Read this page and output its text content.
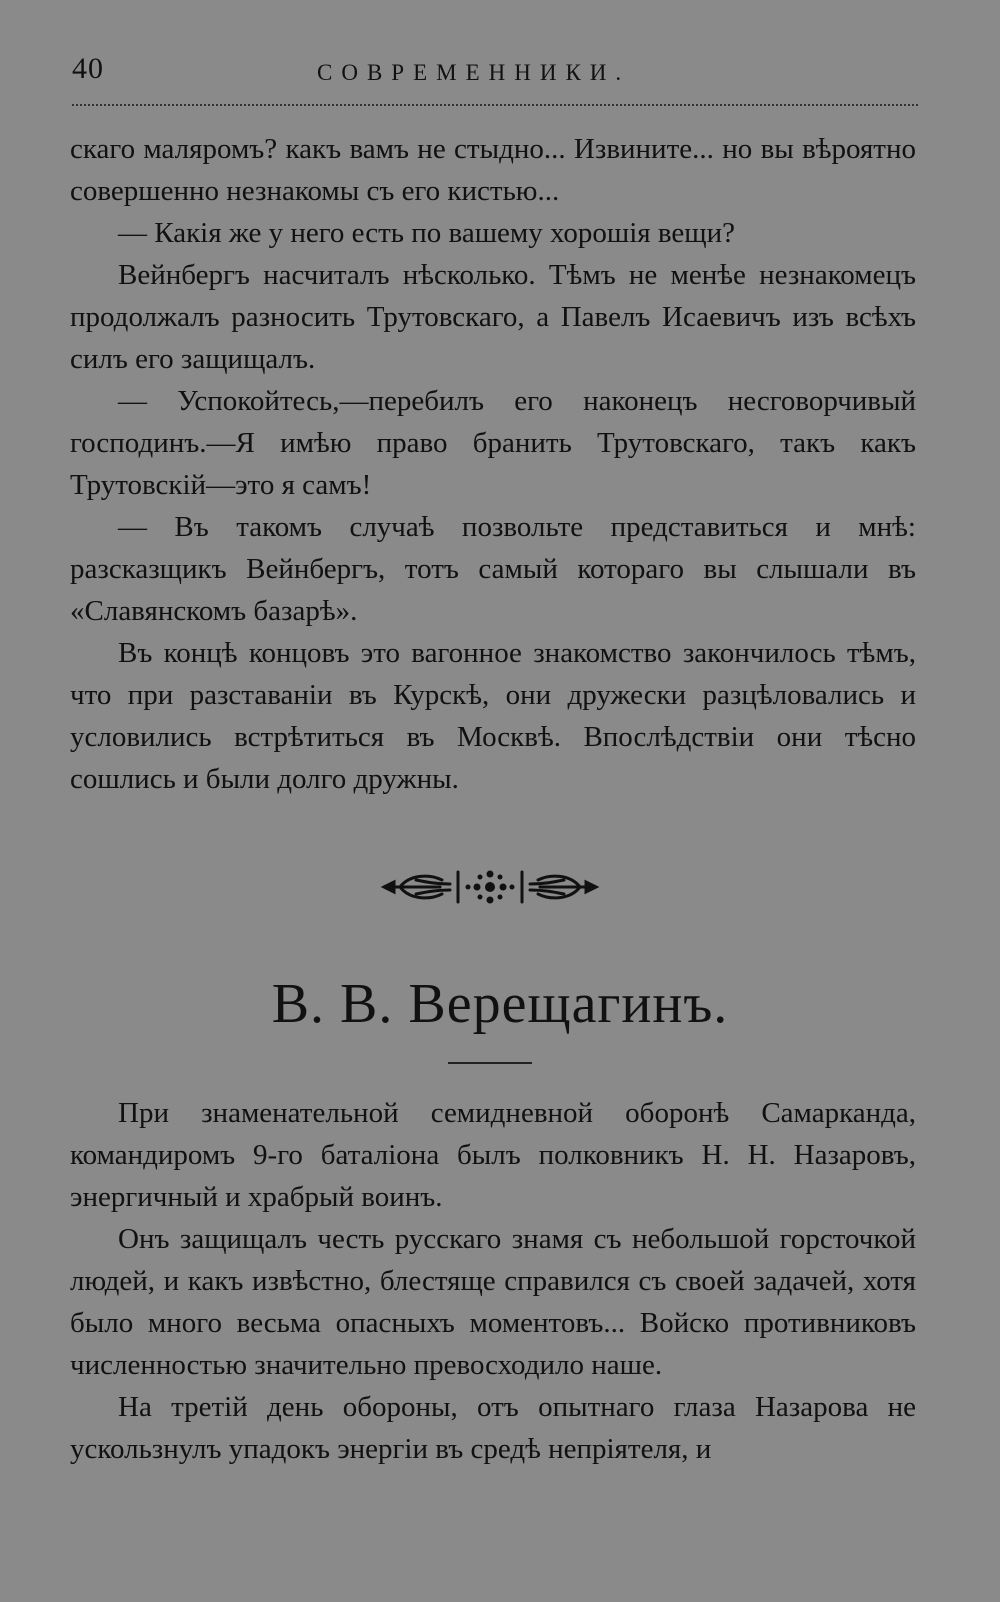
40	СОВРЕМЕННИКИ.

скаго маляромъ? какъ вамъ не стыдно... Извините... но вы вѣроятно совершенно незнакомы съ его кистью...

— Какія же у него есть по вашему хорошія вещи?

Вейнбергъ насчиталъ нѣсколько. Тѣмъ не менѣе незнакомецъ продолжалъ разносить Трутовскаго, а Павелъ Исаевичъ изъ всѣхъ силъ его защищалъ.

— Успокойтесь,—перебилъ его наконецъ несговорчивый господинъ.—Я имѣю право бранить Трутовскаго, такъ какъ Трутовскій—это я самъ!

— Въ такомъ случаѣ позвольте представиться и мнѣ: разсказщикъ Вейнбергъ, тотъ самый котораго вы слышали въ «Славянскомъ базарѣ».

Въ концѣ концовъ это вагонное знакомство закончилось тѣмъ, что при разставаніи въ Курскѣ, они дружески разцѣловались и условились встрѣтиться въ Москвѣ. Впослѣдствіи они тѣсно сошлись и были долго дружны.

В. В. Верещагинъ.

При знаменательной семидневной оборонѣ Самарканда, командиромъ 9-го баталіона былъ полковникъ Н. Н. Назаровъ, энергичный и храбрый воинъ.

Онъ защищалъ честь русскаго знамя съ небольшой горсточкой людей, и какъ извѣстно, блестяще справился съ своей задачей, хотя было много весьма опасныхъ моментовъ... Войско противниковъ численностью значительно превосходило наше.

На третій день обороны, отъ опытнаго глаза Назарова не ускользнулъ упадокъ энергіи въ средѣ непріятеля, и
